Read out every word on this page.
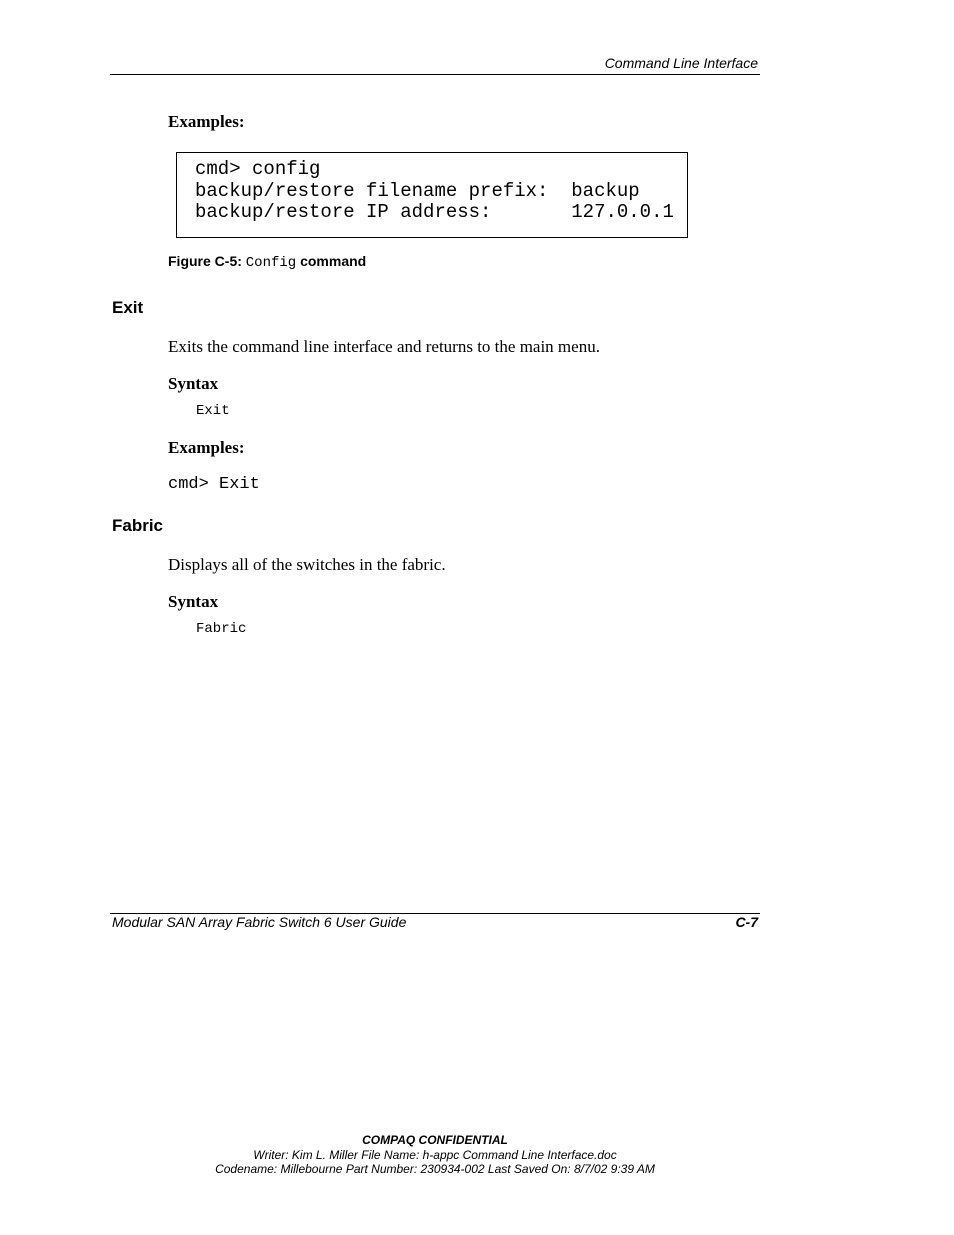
Command Line Interface
Examples:
cmd> config
backup/restore filename prefix:  backup
backup/restore IP address:       127.0.0.1
Figure C-5: Config command
Exit
Exits the command line interface and returns to the main menu.
Syntax
Exit
Examples:
cmd> Exit
Fabric
Displays all of the switches in the fabric.
Syntax
Fabric
Modular SAN Array Fabric Switch 6 User Guide	C-7
COMPAQ CONFIDENTIAL
Writer: Kim L. Miller File Name: h-appc Command Line Interface.doc
Codename: Millebourne Part Number: 230934-002 Last Saved On: 8/7/02 9:39 AM
